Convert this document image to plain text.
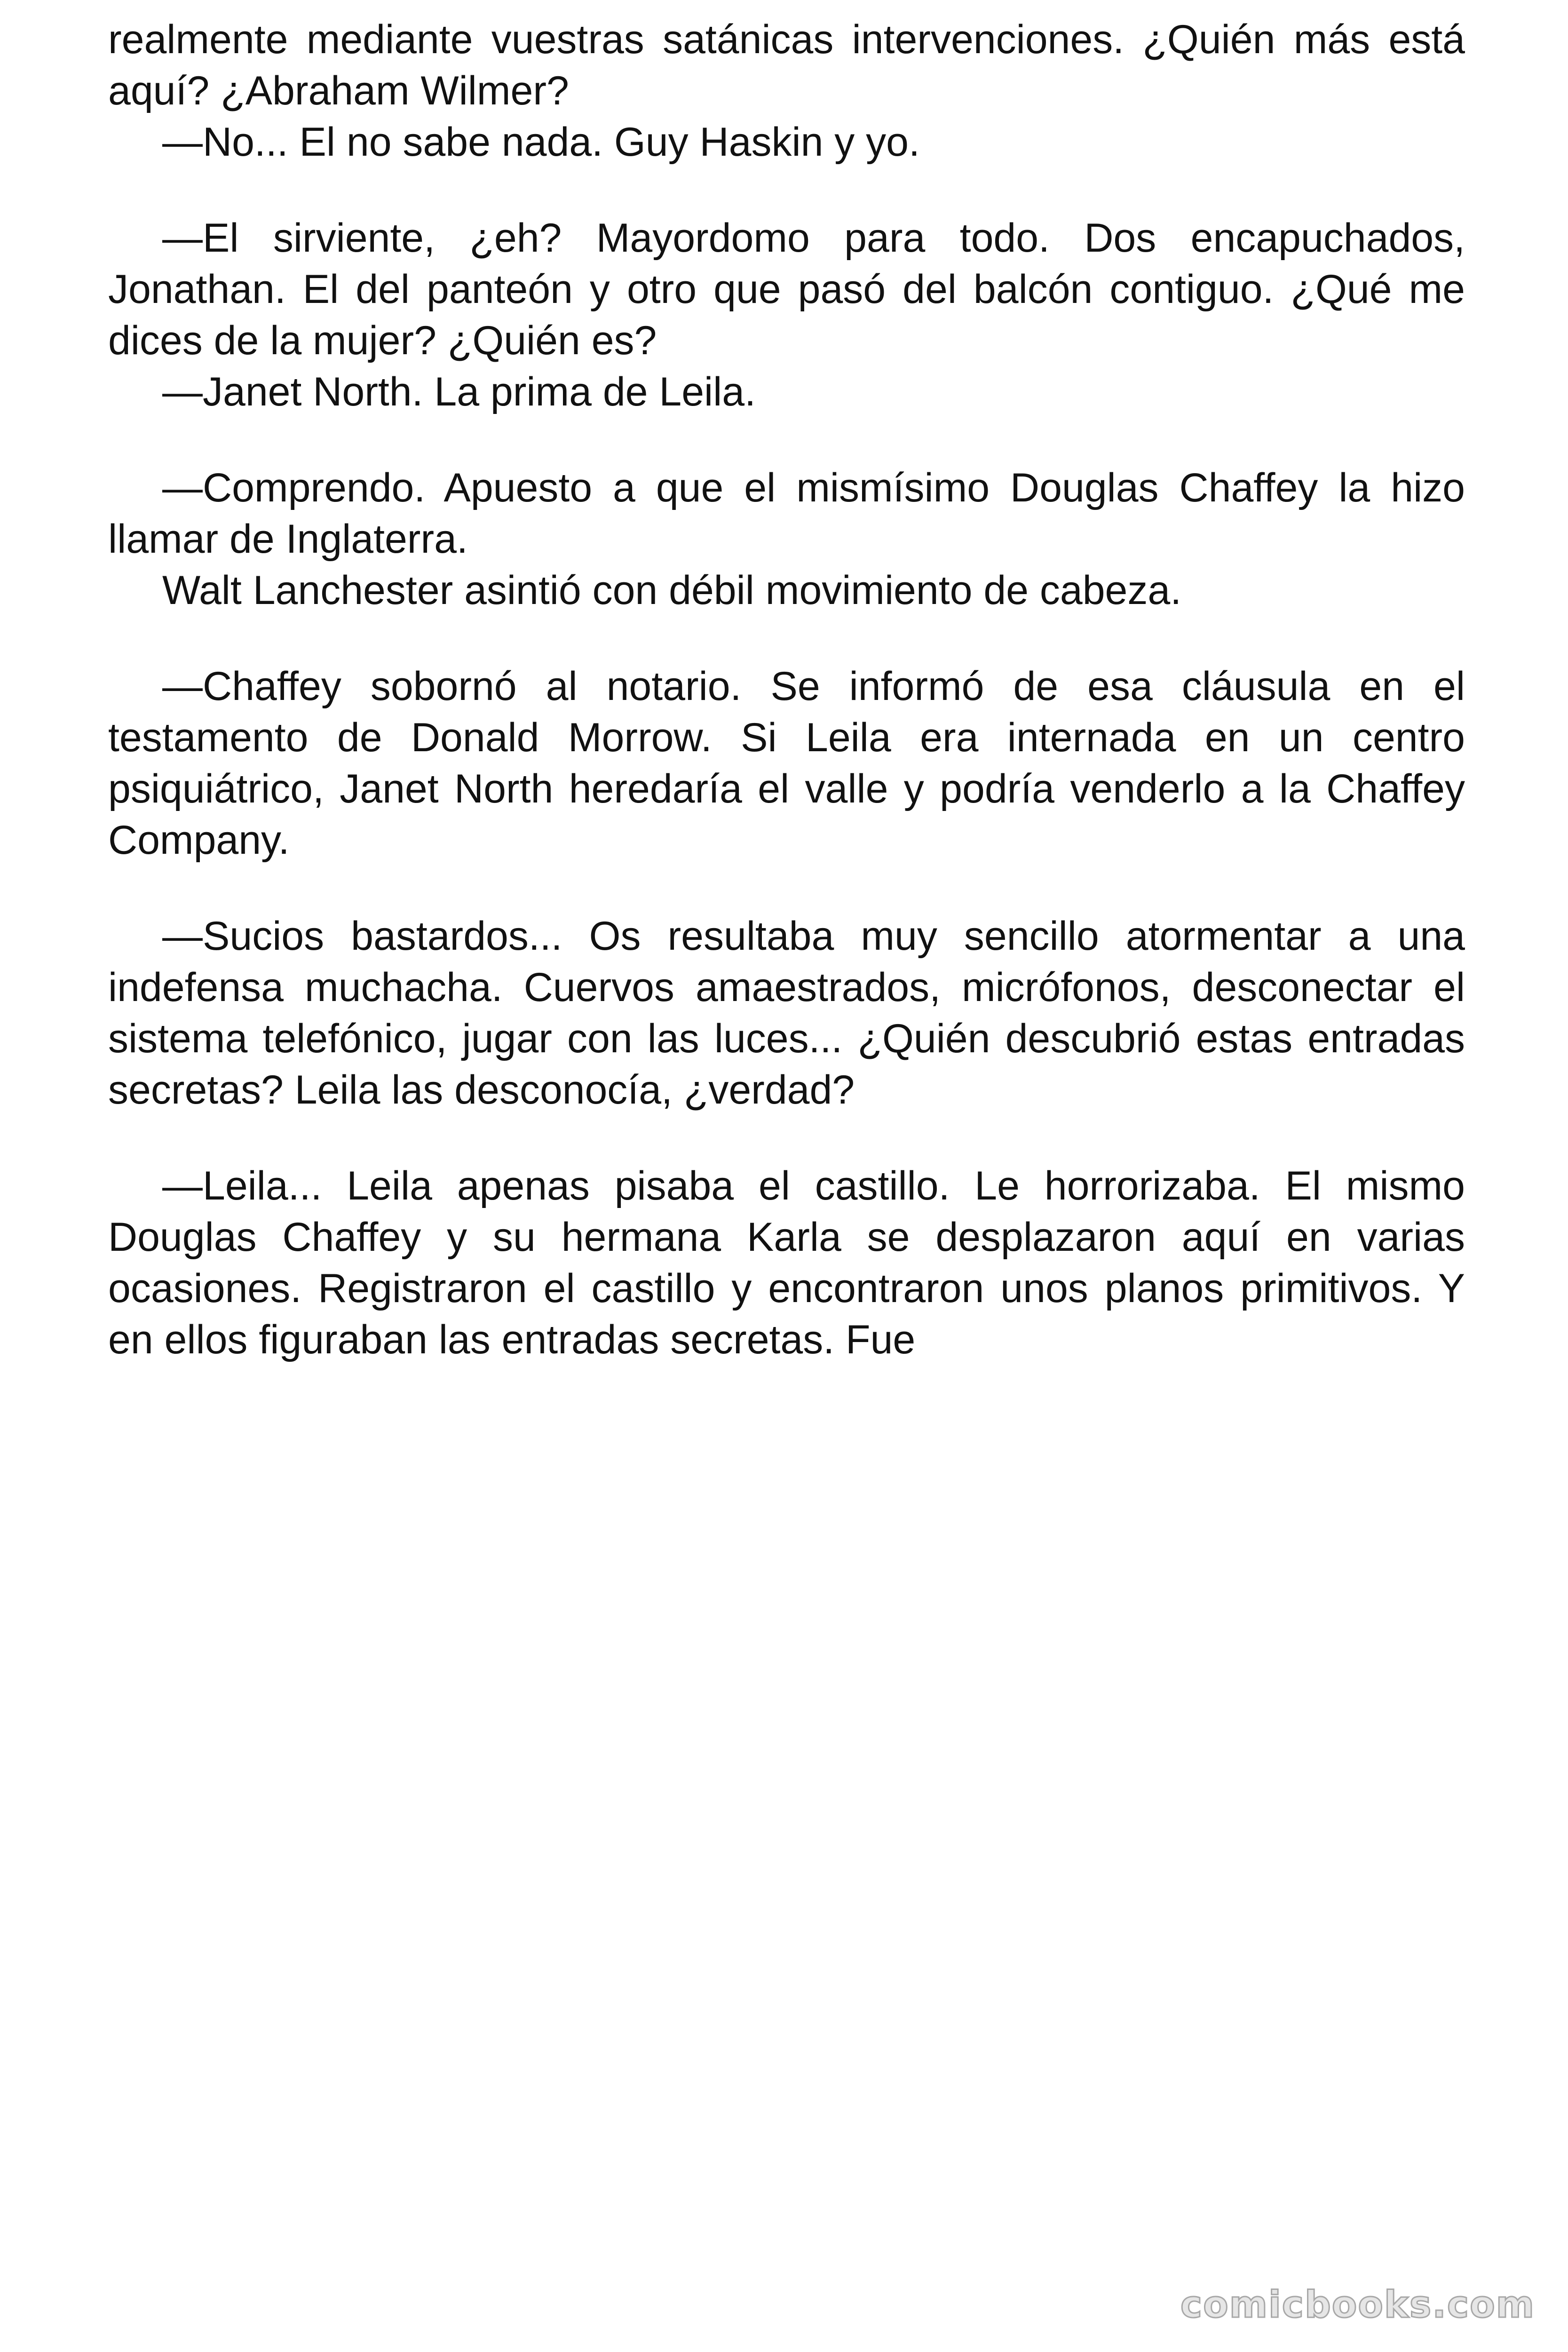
realmente mediante vuestras satánicas intervenciones. ¿Quién más está aquí? ¿Abraham Wilmer?

—No... El no sabe nada. Guy Haskin y yo.

—El sirviente, ¿eh? Mayordomo para todo. Dos encapuchados, Jonathan. El del panteón y otro que pasó del balcón contiguo. ¿Qué me dices de la mujer? ¿Quién es?

—Janet North. La prima de Leila.

—Comprendo. Apuesto a que el mismísimo Douglas Chaffey la hizo llamar de Inglaterra.

Walt Lanchester asintió con débil movimiento de cabeza.

—Chaffey sobornó al notario. Se informó de esa cláusula en el testamento de Donald Morrow. Si Leila era internada en un centro psiquiátrico, Janet North heredaría el valle y podría venderlo a la Chaffey Company.

—Sucios bastardos... Os resultaba muy sencillo atormentar a una indefensa muchacha. Cuervos amaestrados, micrófonos, desconectar el sistema telefónico, jugar con las luces... ¿Quién descubrió estas entradas secretas? Leila las desconocía, ¿verdad?

—Leila... Leila apenas pisaba el castillo. Le horrorizaba. El mismo Douglas Chaffey y su hermana Karla se desplazaron aquí en varias ocasiones. Registraron el castillo y encontraron unos planos primitivos. Y en ellos figuraban las entradas secretas. Fue

comicbooks.com
